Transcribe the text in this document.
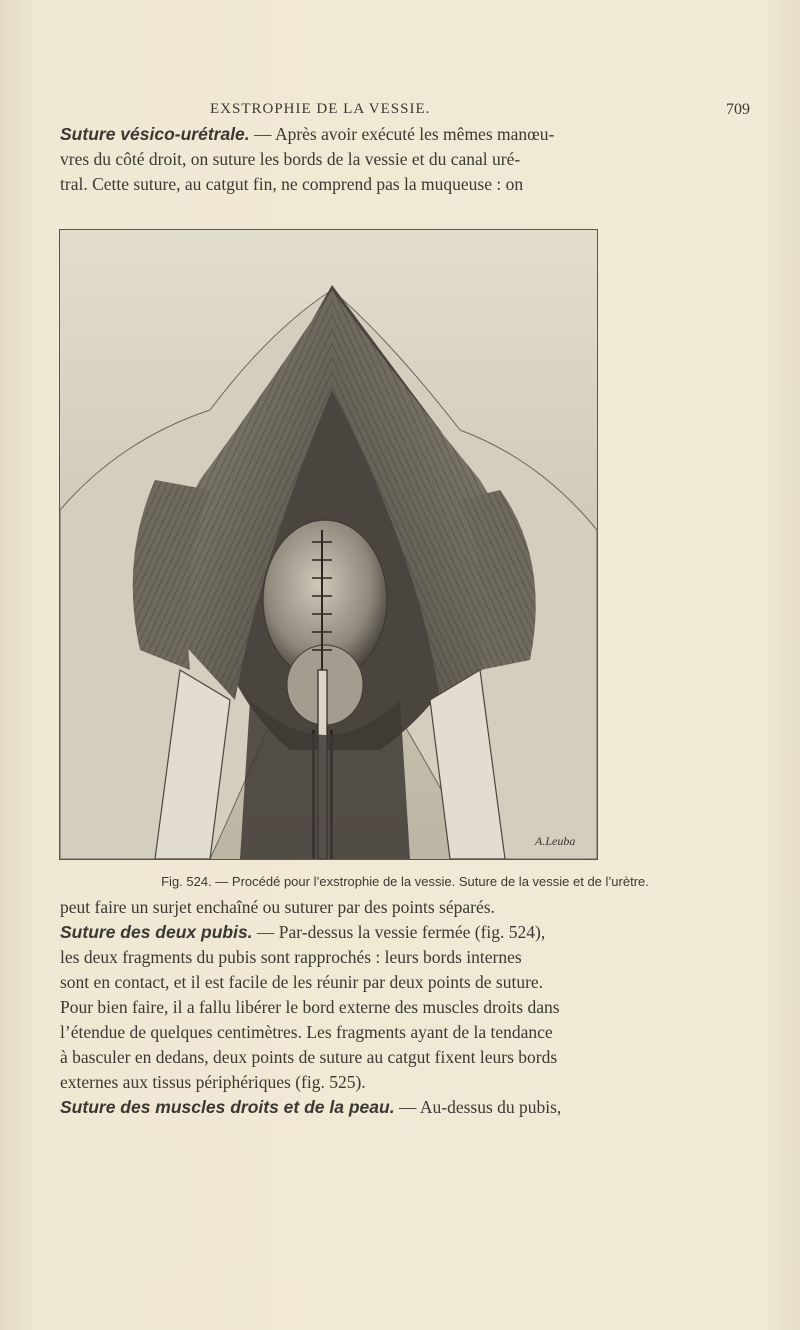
EXSTROPHIE DE LA VESSIE.	709

Suture vésico-urétrale. — Après avoir exécuté les mêmes manœu-
vres du côté droit, on suture les bords de la vessie et du canal uré-
tral. Cette suture, au catgut fin, ne comprend pas la muqueuse : on

A.Leuba
Fig. 524. — Procédé pour l’exstrophie de la vessie. Suture de la vessie et de l’urètre.

peut faire un surjet enchaîné ou suturer par des points séparés.
Suture des deux pubis. — Par-dessus la vessie fermée (fig. 524),
les deux fragments du pubis sont rapprochés : leurs bords internes
sont en contact, et il est facile de les réunir par deux points de suture.
Pour bien faire, il a fallu libérer le bord externe des muscles droits dans
l’étendue de quelques centimètres. Les fragments ayant de la tendance
à basculer en dedans, deux points de suture au catgut fixent leurs bords
externes aux tissus périphériques (fig. 525).
Suture des muscles droits et de la peau. — Au-dessus du pubis,
